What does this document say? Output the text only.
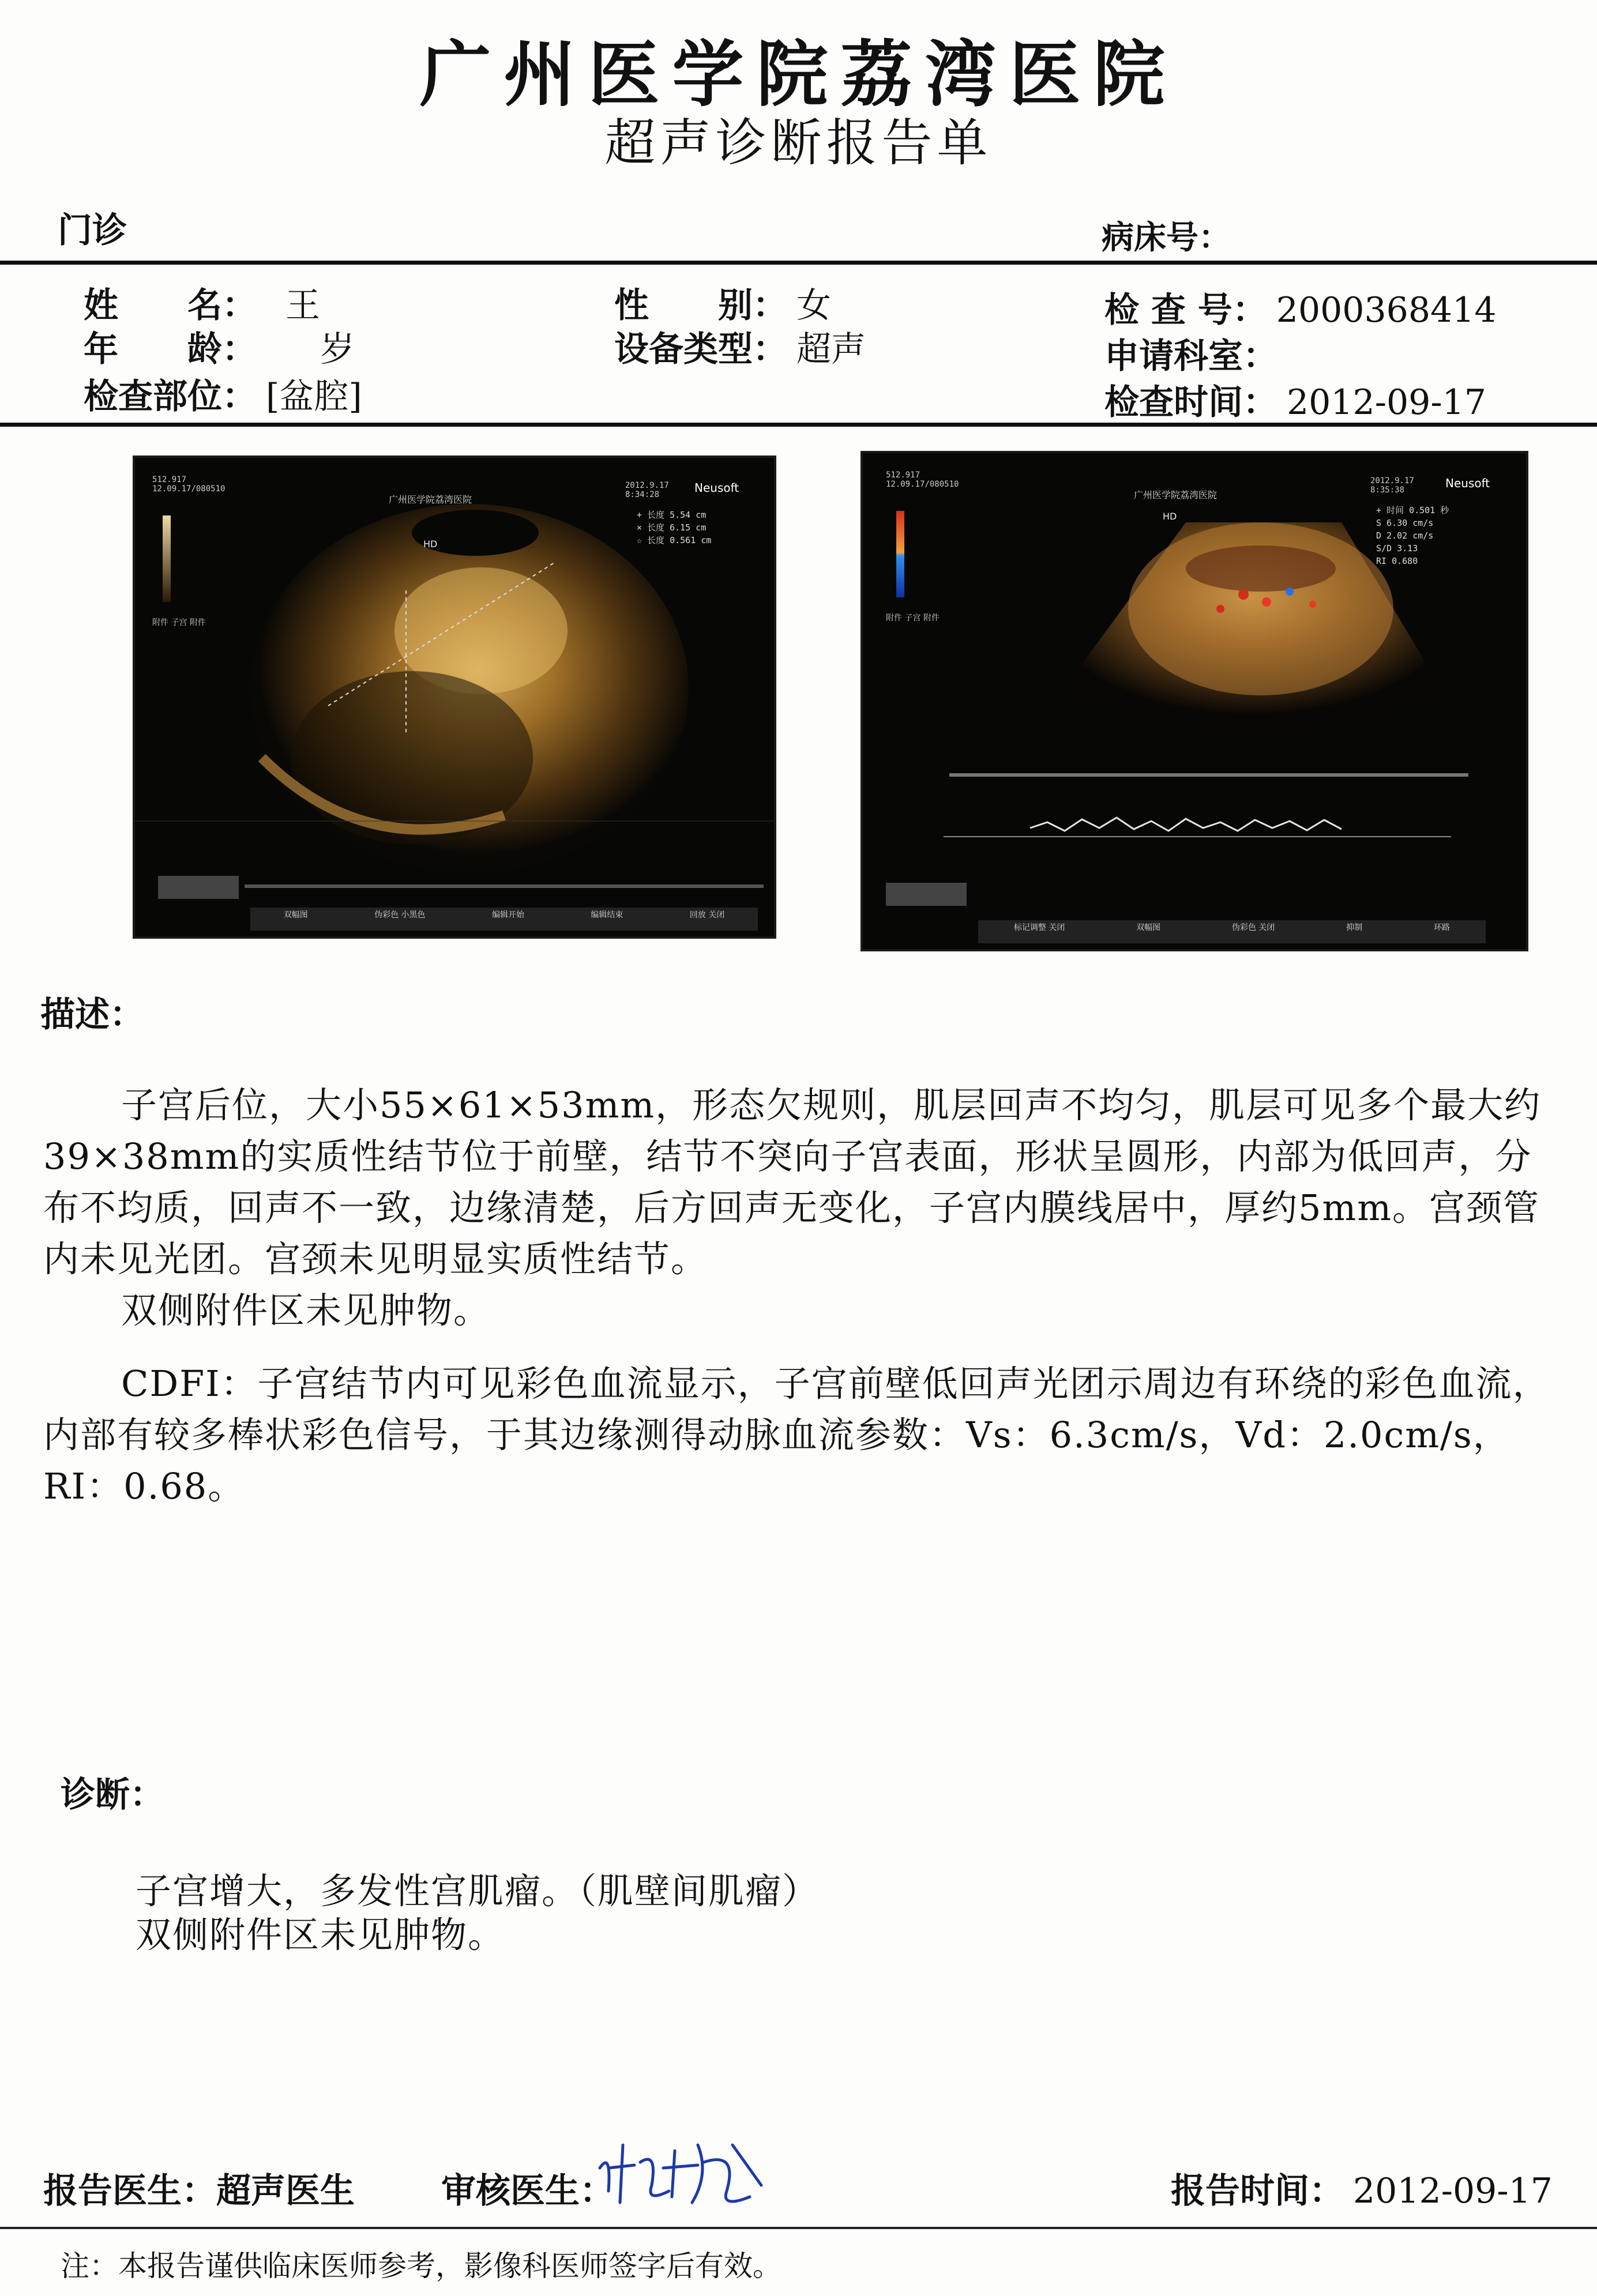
广州医学院荔湾医院
超声诊断报告单
门诊	病床号：
姓　　名： 王	性　　别： 女	检 查 号： 2000368414
年　　龄： 岁	设备类型： 超声	申请科室：
检查部位： [盆腔]	检查时间： 2012-09-17
512.917 12.09.17/080510
广州医学院荔湾医院
2012.9.17 8:34:28	Neusoft
附件 子宫 附件
HD
+ 长度 5.54 cm
× 长度 6.15 cm
☆ 长度 0.561 cm
双幅图	伪彩色 小黑色	编辑开始	编辑结束	回放 关闭
512.917 12.09.17/080510
广州医学院荔湾医院
2012.9.17 8:35:38	Neusoft
附件 子宫 附件
HD
+ 时间 0.501 秒
S 6.30 cm/s
D 2.02 cm/s
S/D 3.13
RI 0.680
标记调整 关闭	双幅图	伪彩色 关闭	抑制	环路
描述：

子宫后位，大小55×61×53mm，形态欠规则，肌层回声不均匀，肌层可见多个最大约39×38mm的实质性结节位于前壁，结节不突向子宫表面，形状呈圆形，内部为低回声，分布不均质，回声不一致，边缘清楚，后方回声无变化，子宫内膜线居中，厚约5mm。宫颈管内未见光团。宫颈未见明显实质性结节。

双侧附件区未见肿物。

CDFI：子宫结节内可见彩色血流显示，子宫前壁低回声光团示周边有环绕的彩色血流，内部有较多棒状彩色信号，于其边缘测得动脉血流参数：Vs：6.3cm/s，Vd：2.0cm/s，RI：0.68。

诊断：

子宫增大，多发性宫肌瘤。（肌壁间肌瘤）

双侧附件区未见肿物。

报告医生：超声医生	审核医生：	报告时间： 2012-09-17
注：本报告谨供临床医师参考，影像科医师签字后有效。
